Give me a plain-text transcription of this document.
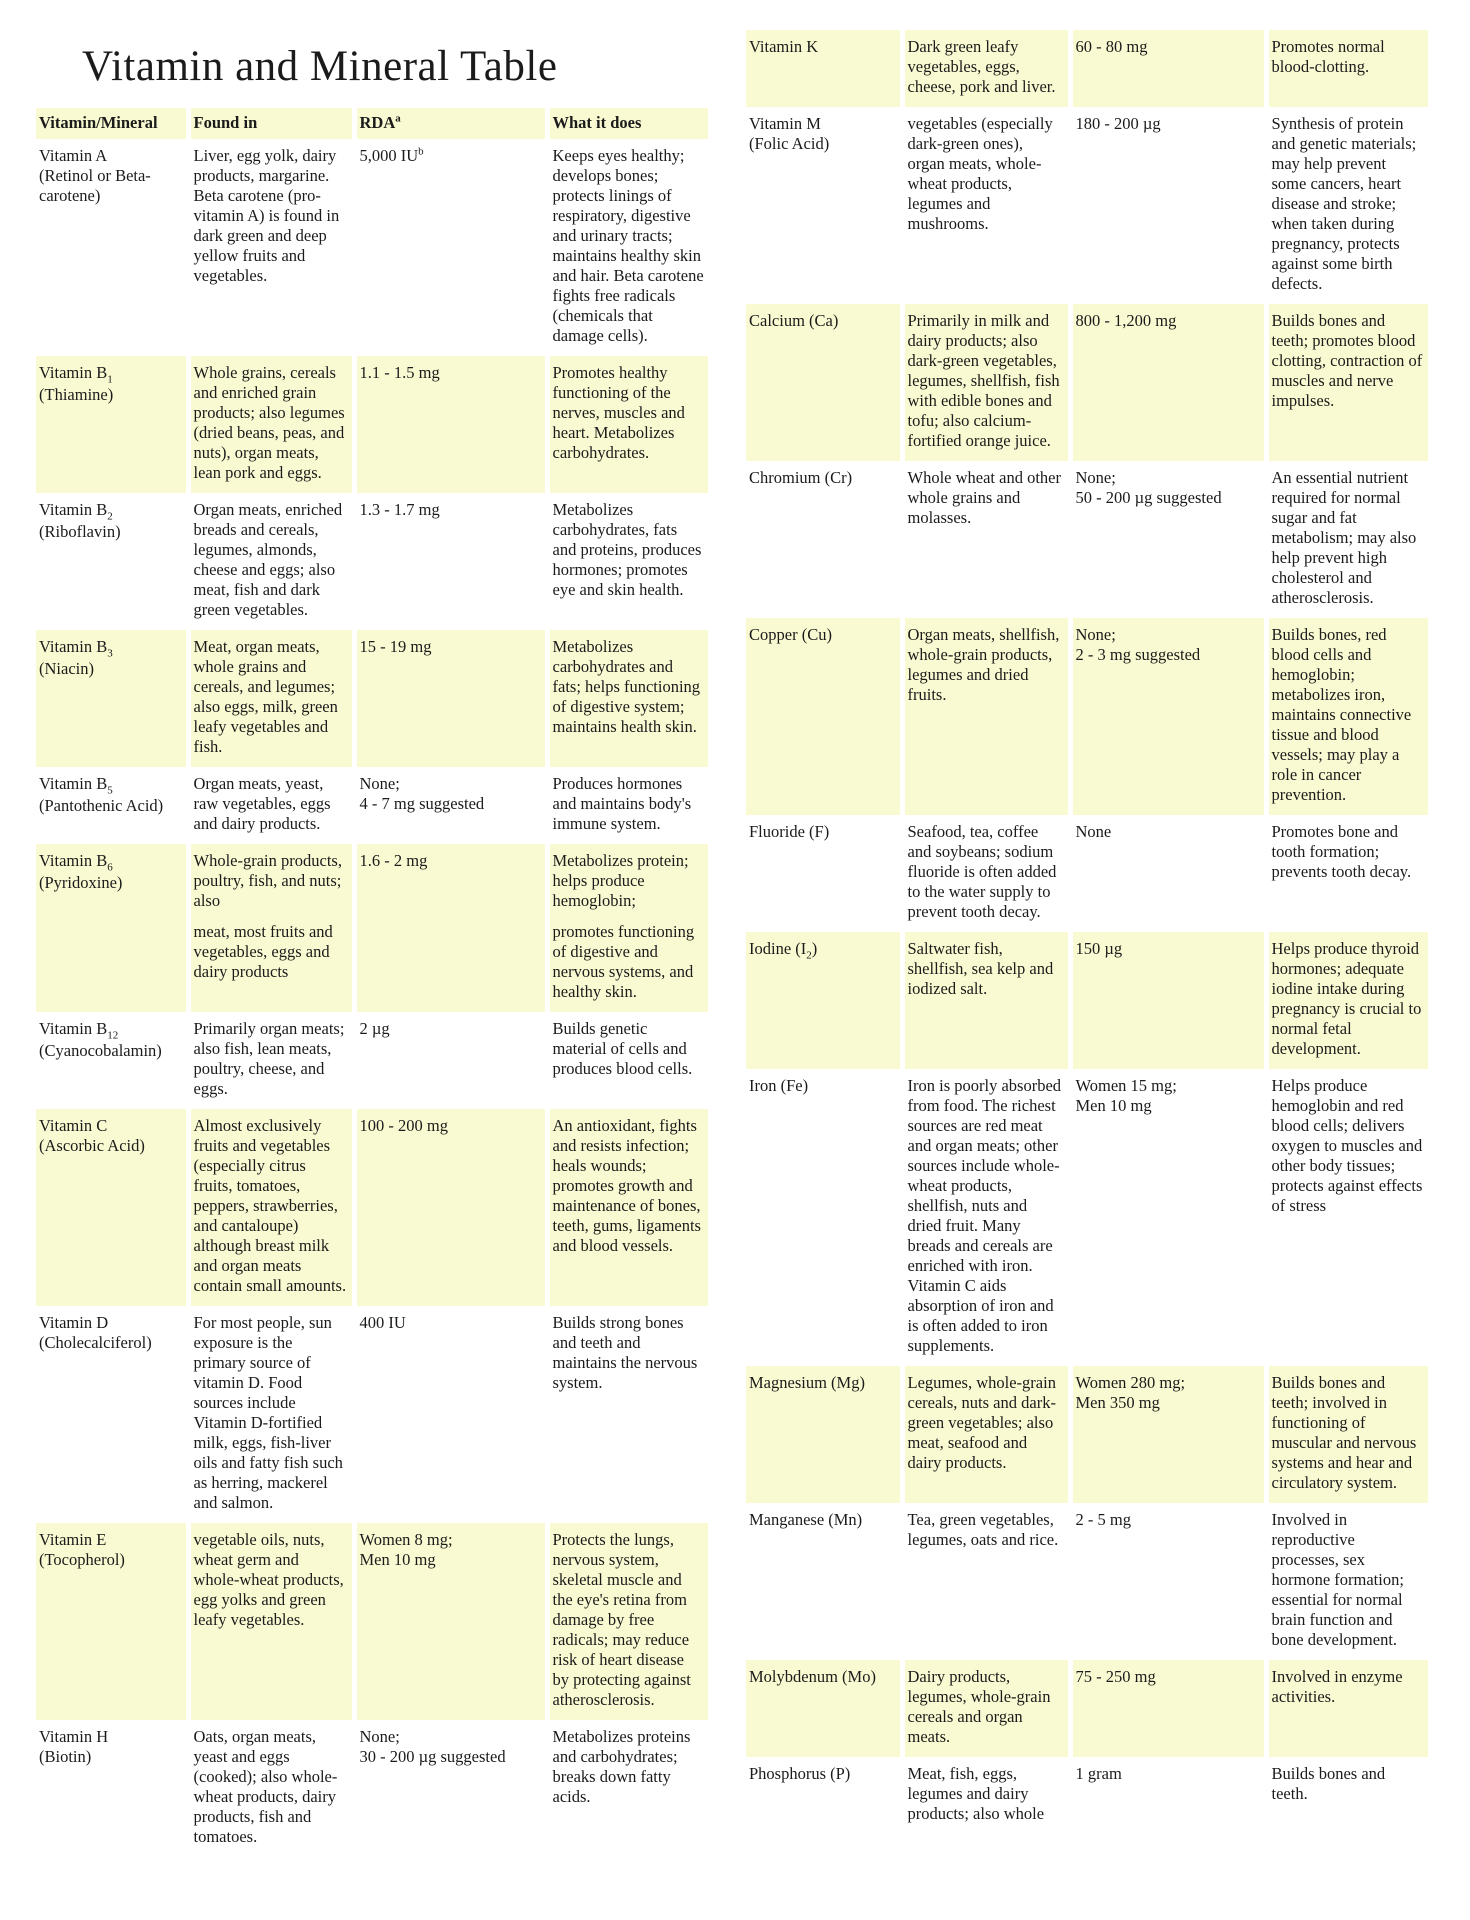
Vitamin and Mineral Table
Vitamin/Mineral	Found in	RDA$^a$	What it does
Vitamin A
(Retinol or Beta-carotene)	Liver, egg yolk, dairy products, margarine. Beta carotene (pro-vitamin A) is found in dark green and deep yellow fruits and vegetables.	5,000 $IU^b$	Keeps eyes healthy; develops bones; protects linings of respiratory, digestive and urinary tracts; maintains healthy skin and hair. Beta carotene fights free radicals (chemicals that damage cells).
Vitamin $B_1$
(Thiamine)	Whole grains, cereals and enriched grain products; also legumes (dried beans, peas, and nuts), organ meats, lean pork and eggs.	1.1 - 1.5 mg	Promotes healthy functioning of the nerves, muscles and heart. Metabolizes carbohydrates.
Vitamin $B_2$
(Riboflavin)	Organ meats, enriched breads and cereals, legumes, almonds, cheese and eggs; also meat, fish and dark green vegetables.	1.3 - 1.7 mg	Metabolizes carbohydrates, fats and proteins, produces hormones; promotes eye and skin health.
Vitamin $B_3$
(Niacin)	Meat, organ meats, whole grains and cereals, and legumes; also eggs, milk, green leafy vegetables and fish.	15 - 19 mg	Metabolizes carbohydrates and fats; helps functioning of digestive system; maintains health skin.
Vitamin $B_5$
(Pantothenic Acid)	Organ meats, yeast, raw vegetables, eggs and dairy products.	None;
4 - 7 mg suggested	Produces hormones and maintains body's immune system.
Vitamin $B_6$
(Pyridoxine)	Whole-grain products, poultry, fish, and nuts; also
meat, most fruits and vegetables, eggs and dairy products	1.6 - 2 mg	Metabolizes protein; helps produce hemoglobin;
promotes functioning of digestive and nervous systems, and healthy skin.
Vitamin $B_{12}$
(Cyanocobalamin)	Primarily organ meats; also fish, lean meats, poultry, cheese, and eggs.	2 µg	Builds genetic material of cells and produces blood cells.
Vitamin C
(Ascorbic Acid)	Almost exclusively fruits and vegetables (especially citrus fruits, tomatoes, peppers, strawberries, and cantaloupe) although breast milk and organ meats contain small amounts.	100 - 200 mg	An antioxidant, fights and resists infection; heals wounds; promotes growth and maintenance of bones, teeth, gums, ligaments and blood vessels.
Vitamin D
(Cholecalciferol)	For most people, sun exposure is the primary source of vitamin D. Food sources include Vitamin D-fortified milk, eggs, fish-liver oils and fatty fish such as herring, mackerel and salmon.	400 IU	Builds strong bones and teeth and maintains the nervous system.
Vitamin E
(Tocopherol)	vegetable oils, nuts, wheat germ and whole-wheat products, egg yolks and green leafy vegetables.	Women 8 mg;
Men 10 mg	Protects the lungs, nervous system, skeletal muscle and the eye's retina from damage by free radicals; may reduce risk of heart disease by protecting against atherosclerosis.
Vitamin H
(Biotin)	Oats, organ meats, yeast and eggs (cooked); also whole-wheat products, dairy products, fish and tomatoes.	None;
30 - 200 µg suggested	Metabolizes proteins and carbohydrates; breaks down fatty acids.
Vitamin K	Dark green leafy vegetables, eggs, cheese, pork and liver.	60 - 80 mg	Promotes normal blood-clotting.
Vitamin M
(Folic Acid)	vegetables (especially dark-green ones), organ meats, whole-wheat products, legumes and mushrooms.	180 - 200 µg	Synthesis of protein and genetic materials; may help prevent some cancers, heart disease and stroke; when taken during pregnancy, protects against some birth defects.
Calcium (Ca)	Primarily in milk and dairy products; also dark-green vegetables, legumes, shellfish, fish with edible bones and tofu; also calcium-fortified orange juice.	800 - 1,200 mg	Builds bones and teeth; promotes blood clotting, contraction of muscles and nerve impulses.
Chromium (Cr)	Whole wheat and other whole grains and molasses.	None;
50 - 200 µg suggested	An essential nutrient required for normal sugar and fat metabolism; may also help prevent high cholesterol and atherosclerosis.
Copper (Cu)	Organ meats, shellfish, whole-grain products, legumes and dried fruits.	None;
2 - 3 mg suggested	Builds bones, red blood cells and hemoglobin; metabolizes iron, maintains connective tissue and blood vessels; may play a role in cancer prevention.
Fluoride (F)	Seafood, tea, coffee and soybeans; sodium fluoride is often added to the water supply to prevent tooth decay.	None	Promotes bone and tooth formation; prevents tooth decay.
Iodine $(I_2)$	Saltwater fish, shellfish, sea kelp and iodized salt.	150 µg	Helps produce thyroid hormones; adequate iodine intake during pregnancy is crucial to normal fetal development.
Iron (Fe)	Iron is poorly absorbed from food. The richest sources are red meat and organ meats; other sources include whole-wheat products, shellfish, nuts and dried fruit. Many breads and cereals are enriched with iron. Vitamin C aids absorption of iron and is often added to iron supplements.	Women 15 mg;
Men 10 mg	Helps produce hemoglobin and red blood cells; delivers oxygen to muscles and other body tissues; protects against effects of stress
Magnesium (Mg)	Legumes, whole-grain cereals, nuts and dark-green vegetables; also meat, seafood and dairy products.	Women 280 mg;
Men 350 mg	Builds bones and teeth; involved in functioning of muscular and nervous systems and hear and circulatory system.
Manganese (Mn)	Tea, green vegetables, legumes, oats and rice.	2 - 5 mg	Involved in reproductive processes, sex hormone formation; essential for normal brain function and bone development.
Molybdenum (Mo)	Dairy products, legumes, whole-grain cereals and organ meats.	75 - 250 mg	Involved in enzyme activities.
Phosphorus (P)	Meat, fish, eggs, legumes and dairy products; also whole	1 gram	Builds bones and teeth.
